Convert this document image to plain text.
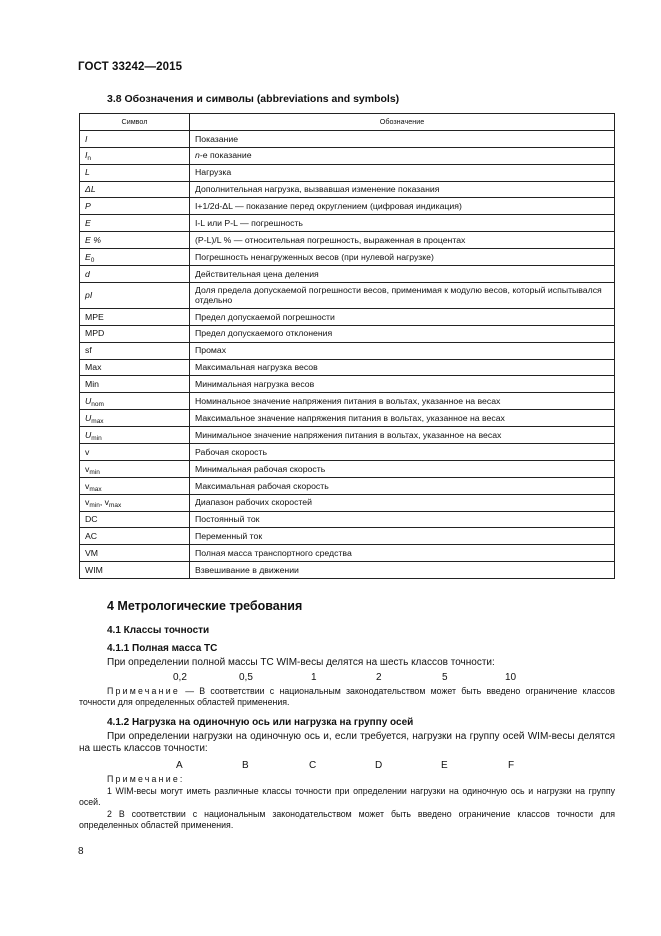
ГОСТ 33242—2015
3.8 Обозначения и символы (abbreviations and symbols)
Символ	Обозначение
I	Показание
$I_n$	n-е показание
L	Нагрузка
ΔL	Дополнительная нагрузка, вызвавшая изменение показания
P	I+1/2d-ΔL — показание перед округлением (цифровая индикация)
E	I-L или P-L — погрешность
E %	(P-L)/L % — относительная погрешность, выраженная в процентах
$E_0$	Погрешность ненагруженных весов (при нулевой нагрузке)
d	Действительная цена деления
pI	Доля предела допускаемой погрешности весов, применимая к модулю весов, который испытывался отдельно
MPE	Предел допускаемой погрешности
MPD	Предел допускаемого отклонения
sf	Промах
Max	Максимальная нагрузка весов
Min	Минимальная нагрузка весов
$U_{nom}$	Номинальное значение напряжения питания в вольтах, указанное на весах
$U_{max}$	Максимальное значение напряжения питания в вольтах, указанное на весах
$U_{min}$	Минимальное значение напряжения питания в вольтах, указанное на весах
v	Рабочая скорость
$v_{min}$	Минимальная рабочая скорость
$v_{max}$	Максимальная рабочая скорость
$v_{min}$, $v_{max}$	Диапазон рабочих скоростей
DC	Постоянный ток
AC	Переменный ток
VM	Полная масса транспортного средства
WIM	Взвешивание в движении
4 Метрологические требования
4.1 Классы точности
4.1.1 Полная масса ТС
При определении полной массы ТС WIM-весы делятся на шесть классов точности:
0,2	0,5	1	2	5	10
Примечание — В соответствии с национальным законодательством может быть введено ограничение классов точности для определенных областей применения.
4.1.2 Нагрузка на одиночную ось или нагрузка на группу осей
При определении нагрузки на одиночную ось и, если требуется, нагрузки на группу осей WIM-весы делятся на шесть классов точности:
A	B	C	D	E	F
Примечание:
1 WIM-весы могут иметь различные классы точности при определении нагрузки на одиночную ось и нагрузки на группу осей.
2 В соответствии с национальным законодательством может быть введено ограничение классов точности для определенных областей применения.
8
